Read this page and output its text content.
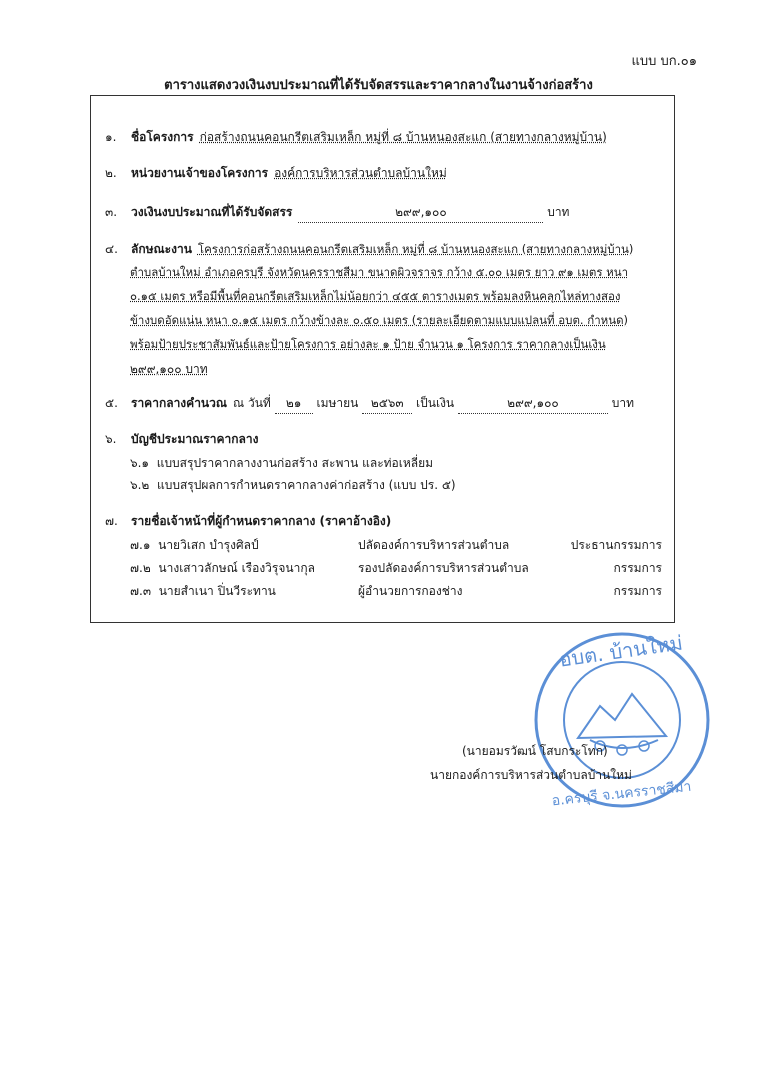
แบบ บก.๐๑
ตารางแสดงวงเงินงบประมาณที่ได้รับจัดสรรและราคากลางในงานจ้างก่อสร้าง
๑. ชื่อโครงการ ก่อสร้างถนนคอนกรีตเสริมเหล็ก หมู่ที่ ๘ บ้านหนองสะแก (สายทางกลางหมู่บ้าน)
๒. หน่วยงานเจ้าของโครงการ องค์การบริหารส่วนตำบลบ้านใหม่
๓. วงเงินงบประมาณที่ได้รับจัดสรร	๒๙๙,๑๐๐	บาท
๔. ลักษณะงาน โครงการก่อสร้างถนนคอนกรีตเสริมเหล็ก หมู่ที่ ๘ บ้านหนองสะแก (สายทางกลางหมู่บ้าน)
ตำบลบ้านใหม่ อำเภอครบุรี จังหวัดนครราชสีมา ขนาดผิวจราจร กว้าง ๕.๐๐ เมตร ยาว ๙๑ เมตร หนา
๐.๑๕ เมตร หรือมีพื้นที่คอนกรีตเสริมเหล็กไม่น้อยกว่า ๔๕๕ ตารางเมตร พร้อมลงหินคลุกไหล่ทางสอง
ข้างบดอัดแน่น หนา ๐.๑๕ เมตร กว้างข้างละ ๐.๕๐ เมตร (รายละเอียดตามแบบแปลนที่ อบต. กำหนด)
พร้อมป้ายประชาสัมพันธ์และป้ายโครงการ อย่างละ ๑ ป้าย จำนวน ๑ โครงการ ราคากลางเป็นเงิน
๒๙๙,๑๐๐ บาท
๕. ราคากลางคำนวณ ณ วันที่ ๒๑ เมษายน ๒๕๖๓ เป็นเงิน	๒๙๙,๑๐๐	บาท
๖. บัญชีประมาณราคากลาง
๖.๑ แบบสรุปราคากลางงานก่อสร้าง สะพาน และท่อเหลี่ยม
๖.๒ แบบสรุปผลการกำหนดราคากลางค่าก่อสร้าง (แบบ ปร. ๕)
๗. รายชื่อเจ้าหน้าที่ผู้กำหนดราคากลาง (ราคาอ้างอิง)
๗.๑ นายวิเสก บำรุงศิลป์	ปลัดองค์การบริหารส่วนตำบล	ประธานกรรมการ
๗.๒ นางเสาวลักษณ์ เรืองวิรุจนากุล	รองปลัดองค์การบริหารส่วนตำบล	กรรมการ
๗.๓ นายสำเนา ปิ่นวีระทาน	ผู้อำนวยการกองช่าง	กรรมการ
อบต. บ้านใหม่
อ.ครบุรี จ.นครราชสีมา
(นายอมรวัฒน์ โสบกระโทก)
นายกองค์การบริหารส่วนตำบลบ้านใหม่
